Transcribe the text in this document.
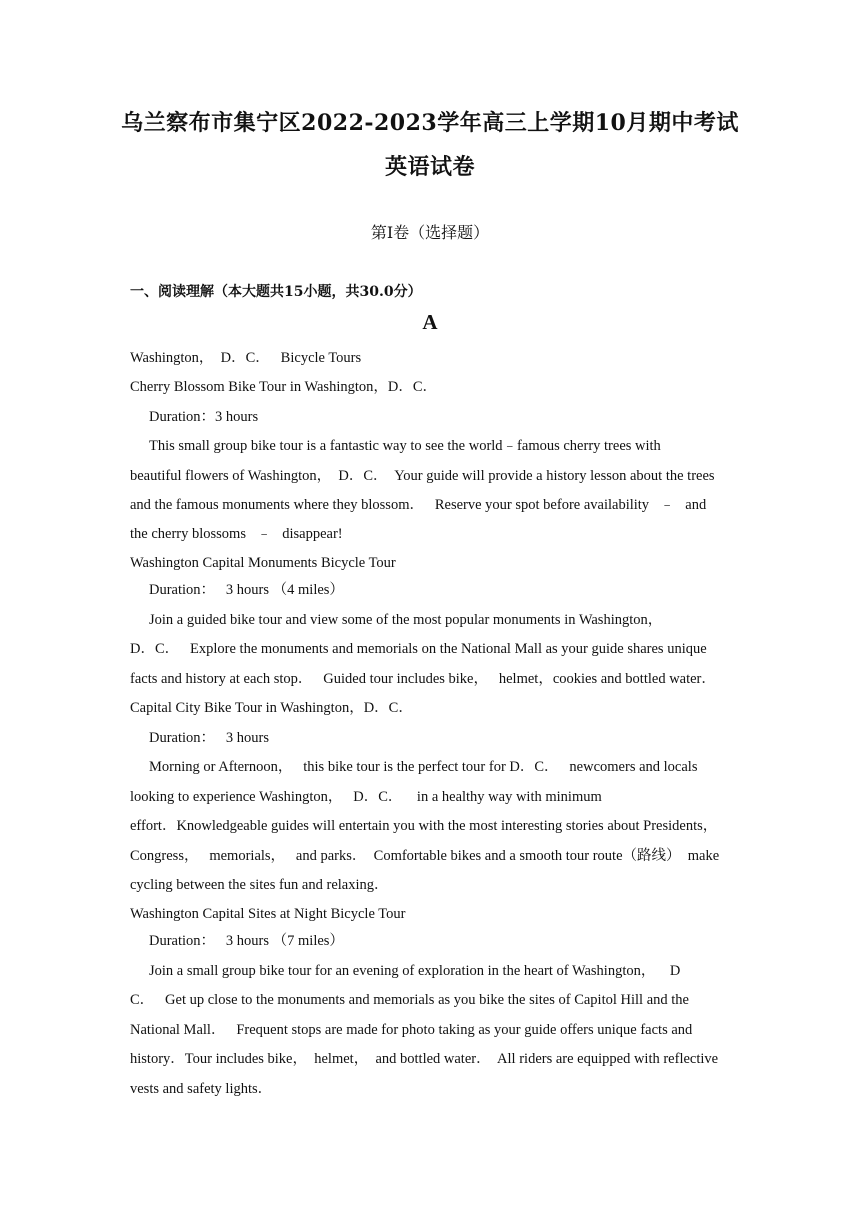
乌兰察布市集宁区2022-2023学年高三上学期10月期中考试
英语试卷
第Ⅰ卷（选择题）
一、阅读理解（本大题共15小题，共30.0分）
A
Washington，  D．C．   Bicycle Tours
Cherry Blossom Bike Tour in Washington，D．C．
Duration：3 hours
This small group bike tour is a fantastic way to see the world﹣famous cherry trees with
beautiful flowers of Washington，  D．C．  Your guide will provide a history lesson about the trees
and the famous monuments where they blossom．   Reserve your spot before availability   ﹣   and
the cherry blossoms   ﹣   disappear!
Washington Capital Monuments Bicycle Tour
Duration：   3 hours （4 miles）
Join a guided bike tour and view some of the most popular monuments in Washington，
D．C．   Explore the monuments and memorials on the National Mall as your guide shares unique
facts and history at each stop．   Guided tour includes bike，   helmet，cookies and bottled water．
Capital City Bike Tour in Washington，D．C．
Duration：   3 hours
Morning or Afternoon，   this bike tour is the perfect tour for D．C．   newcomers and locals
looking to experience Washington，   D．C．    in a healthy way with minimum
effort．Knowledgeable guides will entertain you with the most interesting stories about Presidents，
Congress，   memorials，   and parks．  Comfortable bikes and a smooth tour route（路线）  make
cycling between the sites fun and relaxing．
Washington Capital Sites at Night Bicycle Tour
Duration：   3 hours （7 miles）
Join a small group bike tour for an evening of exploration in the heart of Washington，    D
C．   Get up close to the monuments and memorials as you bike the sites of Capitol Hill and the
National Mall．   Frequent stops are made for photo taking as your guide offers unique facts and
history．Tour includes bike，  helmet，  and bottled water．  All riders are equipped with reflective
vests and safety lights．
